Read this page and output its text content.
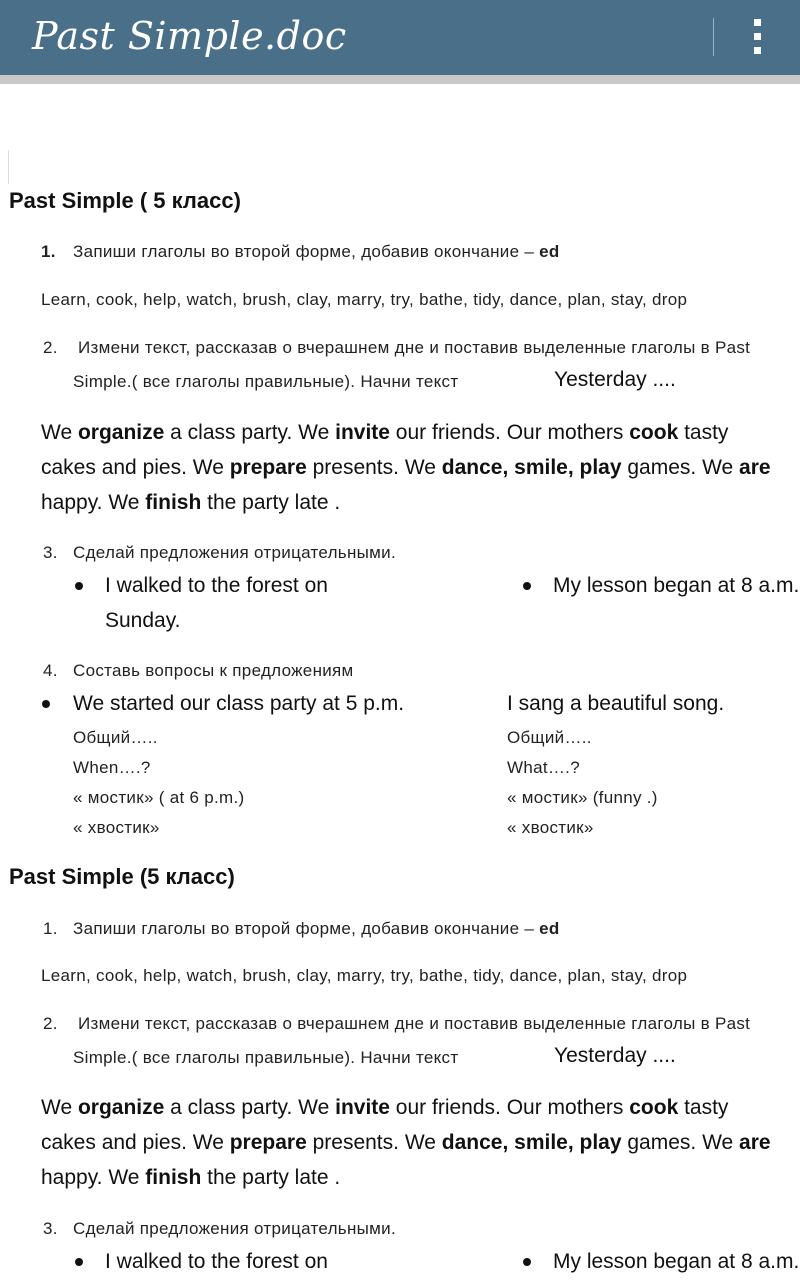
Past Simple.doc
Past Simple ( 5 класс)
1. Запиши глаголы во второй форме, добавив окончание – ed
Learn, cook, help, watch, brush, clay, marry, try, bathe, tidy, dance, plan, stay, drop
2. Измени текст, рассказав о вчерашнем дне и поставив выделенные глаголы в Past
Simple.( все глаголы правильные). Начни текст	Yesterday ....
We organize a class party. We invite our friends. Our mothers cook tasty
cakes and pies. We prepare presents. We dance, smile, play games. We are
happy. We finish the party late .
3. Сделай предложения отрицательными.
I walked to the forest on
Sunday.
My lesson began at 8 a.m.
4. Составь вопросы к предложениям
We started our class party at 5 p.m.
Общий…..
When….?
« мостик» ( at 6 p.m.)
« хвостик»
I sang a beautiful song.
Общий…..
What….?
« мостик» (funny .)
« хвостик»
Past Simple (5 класс)
1. Запиши глаголы во второй форме, добавив окончание – ed
Learn, cook, help, watch, brush, clay, marry, try, bathe, tidy, dance, plan, stay, drop
2. Измени текст, рассказав о вчерашнем дне и поставив выделенные глаголы в Past
Simple.( все глаголы правильные). Начни текст	Yesterday ....
We organize a class party. We invite our friends. Our mothers cook tasty
cakes and pies. We prepare presents. We dance, smile, play games. We are
happy. We finish the party late .
3. Сделай предложения отрицательными.
I walked to the forest on	My lesson began at 8 a.m.
